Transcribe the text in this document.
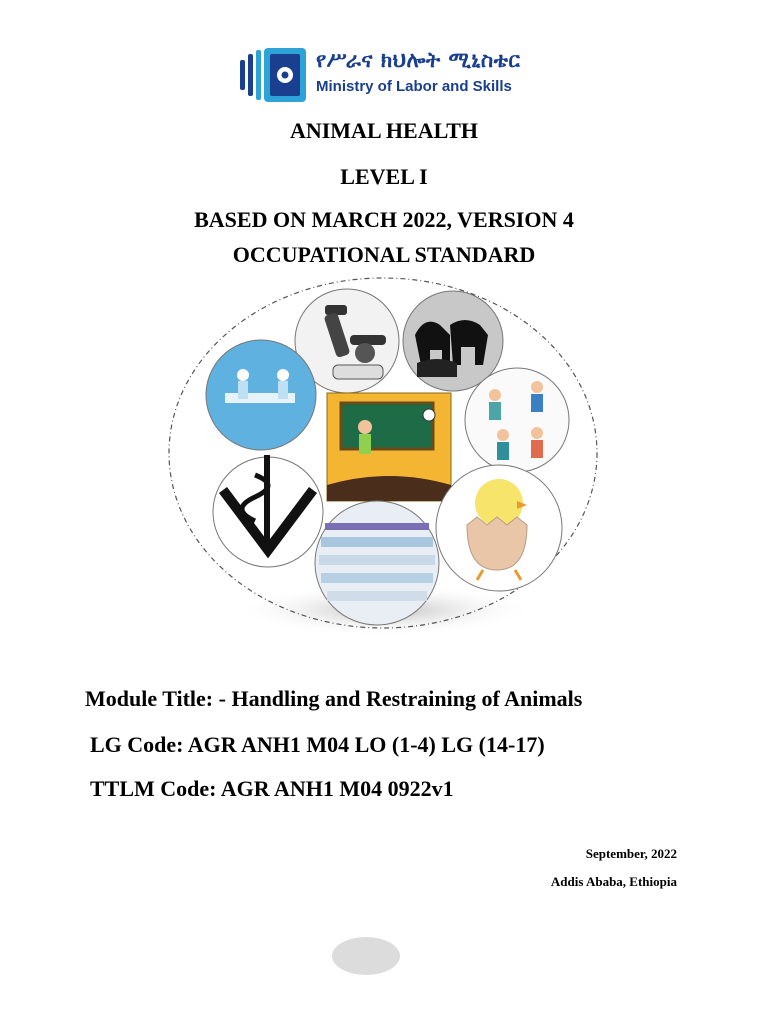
የሥራና ክህሎት ሚኒስቴር
Ministry of Labor and Skills
ANIMAL HEALTH
LEVEL I
BASED ON MARCH 2022, VERSION 4
OCCUPATIONAL STANDARD
Module Title: - Handling and Restraining of Animals
LG Code: AGR ANH1 M04 LO (1-4) LG (14-17)
TTLM Code: AGR ANH1 M04 0922v1
September, 2022
Addis Ababa, Ethiopia
